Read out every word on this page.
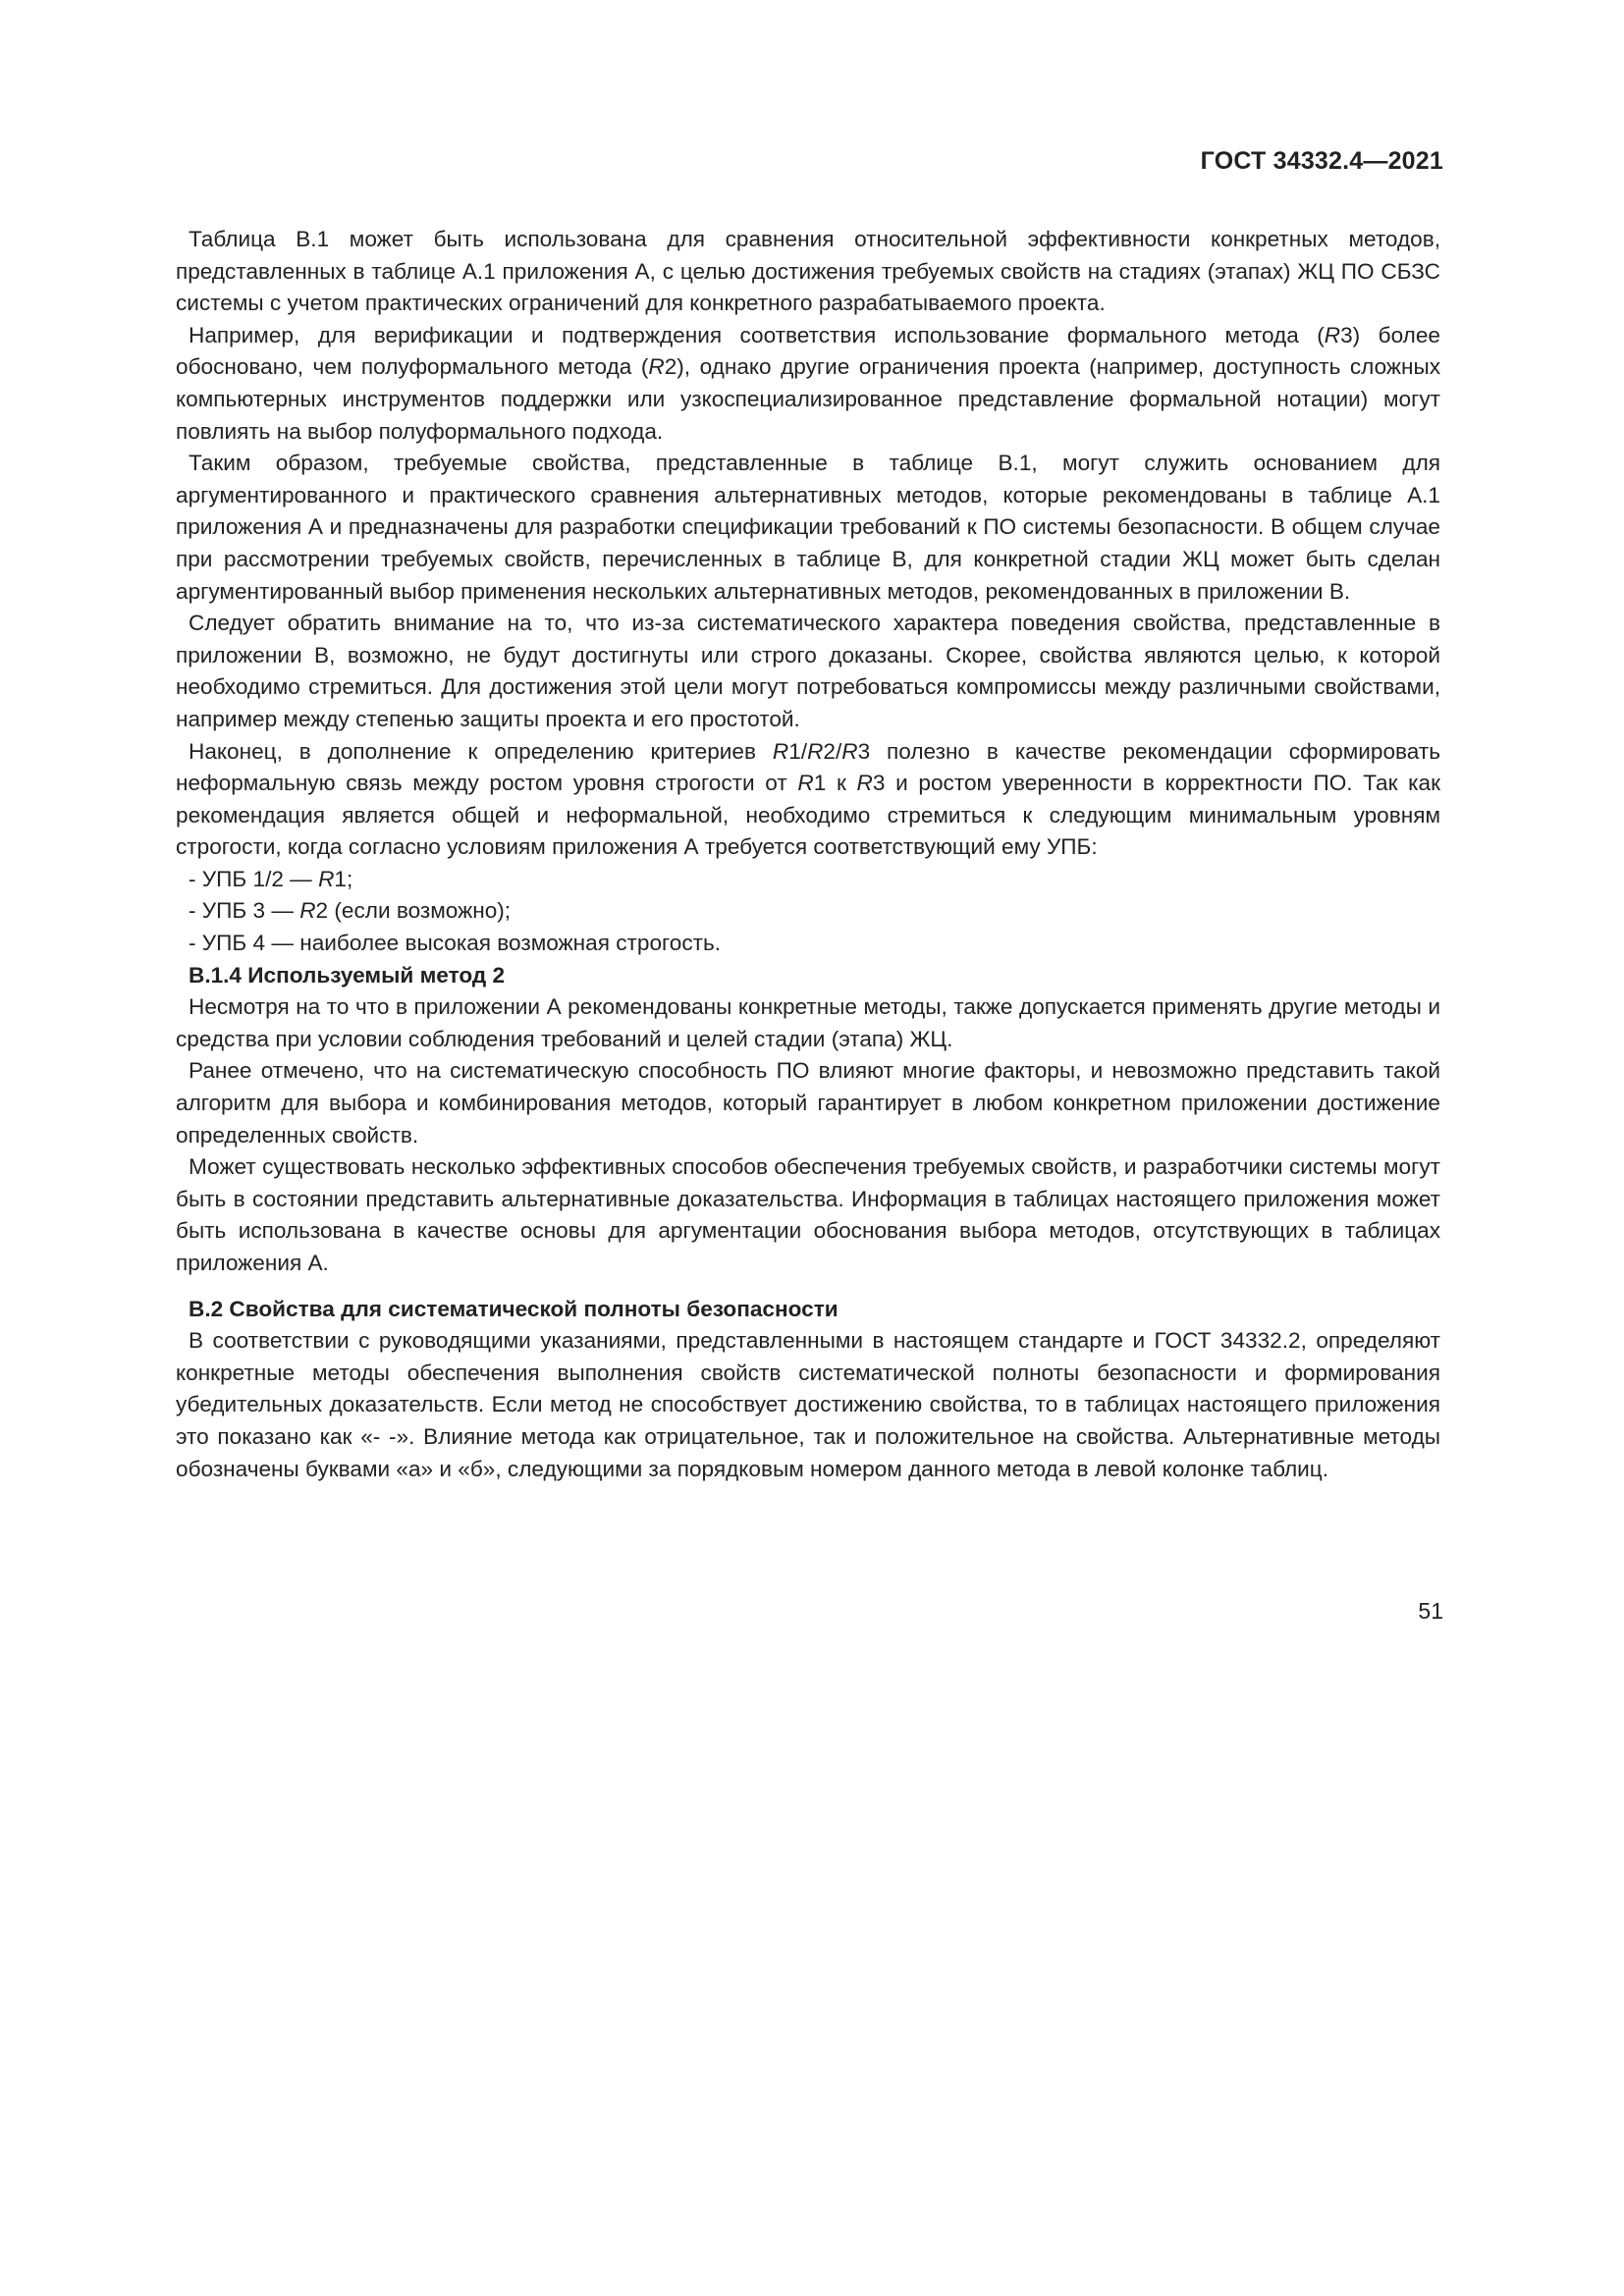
ГОСТ 34332.4—2021

Таблица В.1 может быть использована для сравнения относительной эффективности конкретных методов, представленных в таблице А.1 приложения А, с целью достижения требуемых свойств на стадиях (этапах) ЖЦ ПО СБЗС системы с учетом практических ограничений для конкретного разрабатываемого проекта.

Например, для верификации и подтверждения соответствия использование формального метода (R3) более обосновано, чем полуформального метода (R2), однако другие ограничения проекта (например, доступность сложных компьютерных инструментов поддержки или узкоспециализированное представление формальной нотации) могут повлиять на выбор полуформального подхода.

Таким образом, требуемые свойства, представленные в таблице В.1, могут служить основанием для аргументированного и практического сравнения альтернативных методов, которые рекомендованы в таблице А.1 приложения А и предназначены для разработки спецификации требований к ПО системы безопасности. В общем случае при рассмотрении требуемых свойств, перечисленных в таблице В, для конкретной стадии ЖЦ может быть сделан аргументированный выбор применения нескольких альтернативных методов, рекомендованных в приложении В.

Следует обратить внимание на то, что из-за систематического характера поведения свойства, представленные в приложении В, возможно, не будут достигнуты или строго доказаны. Скорее, свойства являются целью, к которой необходимо стремиться. Для достижения этой цели могут потребоваться компромиссы между различными свойствами, например между степенью защиты проекта и его простотой.

Наконец, в дополнение к определению критериев R1/R2/R3 полезно в качестве рекомендации сформировать неформальную связь между ростом уровня строгости от R1 к R3 и ростом уверенности в корректности ПО. Так как рекомендация является общей и неформальной, необходимо стремиться к следующим минимальным уровням строгости, когда согласно условиям приложения А требуется соответствующий ему УПБ:

- УПБ 1/2 — R1;

- УПБ 3 — R2 (если возможно);

- УПБ 4 — наиболее высокая возможная строгость.

В.1.4 Используемый метод 2

Несмотря на то что в приложении А рекомендованы конкретные методы, также допускается применять другие методы и средства при условии соблюдения требований и целей стадии (этапа) ЖЦ.

Ранее отмечено, что на систематическую способность ПО влияют многие факторы, и невозможно представить такой алгоритм для выбора и комбинирования методов, который гарантирует в любом конкретном приложении достижение определенных свойств.

Может существовать несколько эффективных способов обеспечения требуемых свойств, и разработчики системы могут быть в состоянии представить альтернативные доказательства. Информация в таблицах настоящего приложения может быть использована в качестве основы для аргументации обоснования выбора методов, отсутствующих в таблицах приложения А.

В.2 Свойства для систематической полноты безопасности

В соответствии с руководящими указаниями, представленными в настоящем стандарте и ГОСТ 34332.2, определяют конкретные методы обеспечения выполнения свойств систематической полноты безопасности и формирования убедительных доказательств. Если метод не способствует достижению свойства, то в таблицах настоящего приложения это показано как «- -». Влияние метода как отрицательное, так и положительное на свойства. Альтернативные методы обозначены буквами «а» и «б», следующими за порядковым номером данного метода в левой колонке таблиц.

51
